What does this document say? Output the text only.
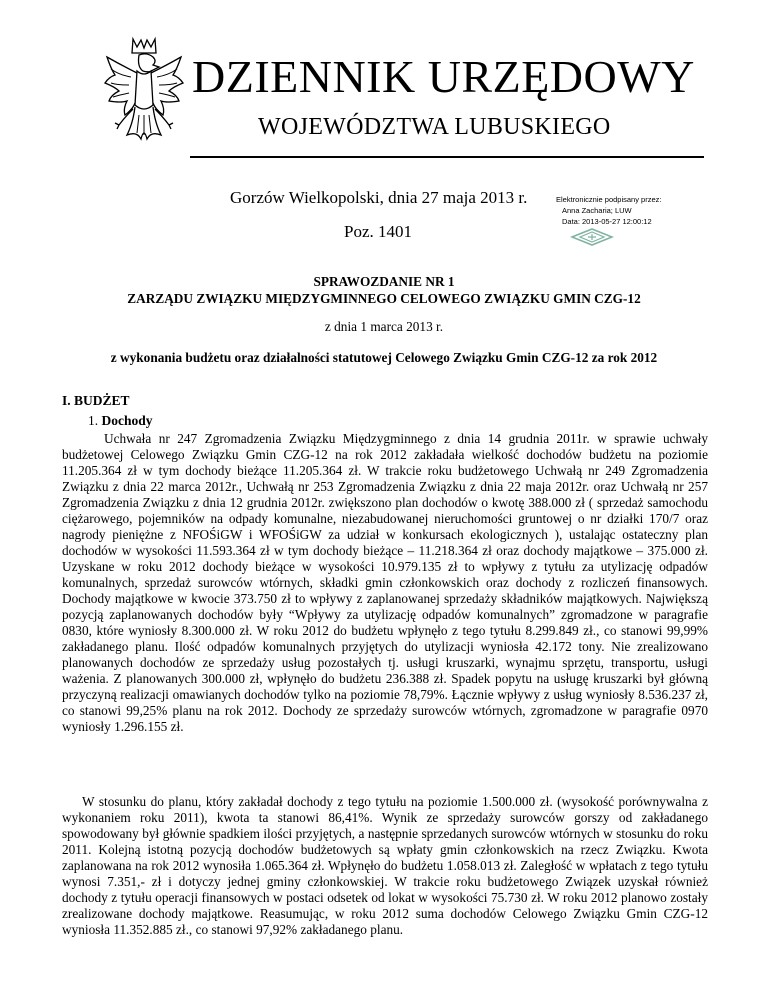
DZIENNIK URZĘDOWY
WOJEWÓDZTWA LUBUSKIEGO
Gorzów Wielkopolski, dnia 27 maja 2013 r.
Poz. 1401
Elektronicznie podpisany przez:
Anna Zacharia; LUW
Data: 2013-05-27 12:00:12
SPRAWOZDANIE NR 1
ZARZĄDU ZWIĄZKU MIĘDZYGMINNEGO CELOWEGO ZWIĄZKU GMIN CZG-12
z dnia 1 marca 2013 r.
z wykonania budżetu oraz działalności statutowej Celowego Związku Gmin CZG-12 za rok 2012
I. BUDŻET
1. Dochody

Uchwała nr 247 Zgromadzenia Związku Międzygminnego z dnia 14 grudnia 2011r. w sprawie uchwały budżetowej Celowego Związku Gmin CZG-12 na rok 2012 zakładała wielkość dochodów budżetu na poziomie 11.205.364 zł w tym dochody bieżące 11.205.364 zł. W trakcie roku budżetowego Uchwałą nr 249 Zgromadzenia Związku z dnia 22 marca 2012r., Uchwałą nr 253 Zgromadzenia Związku z dnia 22 maja 2012r. oraz Uchwałą nr 257 Zgromadzenia Związku z dnia 12 grudnia 2012r. zwiększono plan dochodów o kwotę 388.000 zł ( sprzedaż samochodu ciężarowego, pojemników na odpady komunalne, niezabudowanej nieruchomości gruntowej o nr działki 170/7 oraz nagrody pieniężne z NFOŚiGW i WFOŚiGW za udział w konkursach ekologicznych ), ustalając ostateczny plan dochodów w wysokości 11.593.364 zł w tym dochody bieżące – 11.218.364 zł oraz dochody majątkowe – 375.000 zł. Uzyskane w roku 2012 dochody bieżące w wysokości 10.979.135 zł to wpływy z tytułu za utylizację odpadów komunalnych, sprzedaż surowców wtórnych, składki gmin członkowskich oraz dochody z rozliczeń finansowych. Dochody majątkowe w kwocie 373.750 zł to wpływy z zaplanowanej sprzedaży składników majątkowych. Największą pozycją zaplanowanych dochodów były “Wpływy za utylizację odpadów komunalnych” zgromadzone w paragrafie 0830, które wyniosły 8.300.000 zł. W roku 2012 do budżetu wpłynęło z tego tytułu 8.299.849 zł., co stanowi 99,99% zakładanego planu. Ilość odpadów komunalnych przyjętych do utylizacji wyniosła 42.172 tony. Nie zrealizowano planowanych dochodów ze sprzedaży usług pozostałych tj. usługi kruszarki, wynajmu sprzętu, transportu, usługi ważenia. Z planowanych 300.000 zł, wpłynęło do budżetu 236.388 zł. Spadek popytu na usługę kruszarki był główną przyczyną realizacji omawianych dochodów tylko na poziomie 78,79%. Łącznie wpływy z usług wyniosły 8.536.237 zł, co stanowi 99,25% planu na rok 2012. Dochody ze sprzedaży surowców wtórnych, zgromadzone w paragrafie 0970 wyniosły 1.296.155 zł.

W stosunku do planu, który zakładał dochody z tego tytułu na poziomie 1.500.000 zł. (wysokość porównywalna z wykonaniem roku 2011), kwota ta stanowi 86,41%. Wynik ze sprzedaży surowców gorszy od zakładanego spowodowany był głównie spadkiem ilości przyjętych, a następnie sprzedanych surowców wtórnych w stosunku do roku 2011. Kolejną istotną pozycją dochodów budżetowych są wpłaty gmin członkowskich na rzecz Związku. Kwota zaplanowana na rok 2012 wynosiła 1.065.364 zł. Wpłynęło do budżetu 1.058.013 zł. Zaległość w wpłatach z tego tytułu wynosi 7.351,- zł i dotyczy jednej gminy członkowskiej. W trakcie roku budżetowego Związek uzyskał również dochody z tytułu operacji finansowych w postaci odsetek od lokat w wysokości 75.730 zł. W roku 2012 planowo zostały zrealizowane dochody majątkowe. Reasumując, w roku 2012 suma dochodów Celowego Związku Gmin CZG-12 wyniosła 11.352.885 zł., co stanowi 97,92% zakładanego planu.
